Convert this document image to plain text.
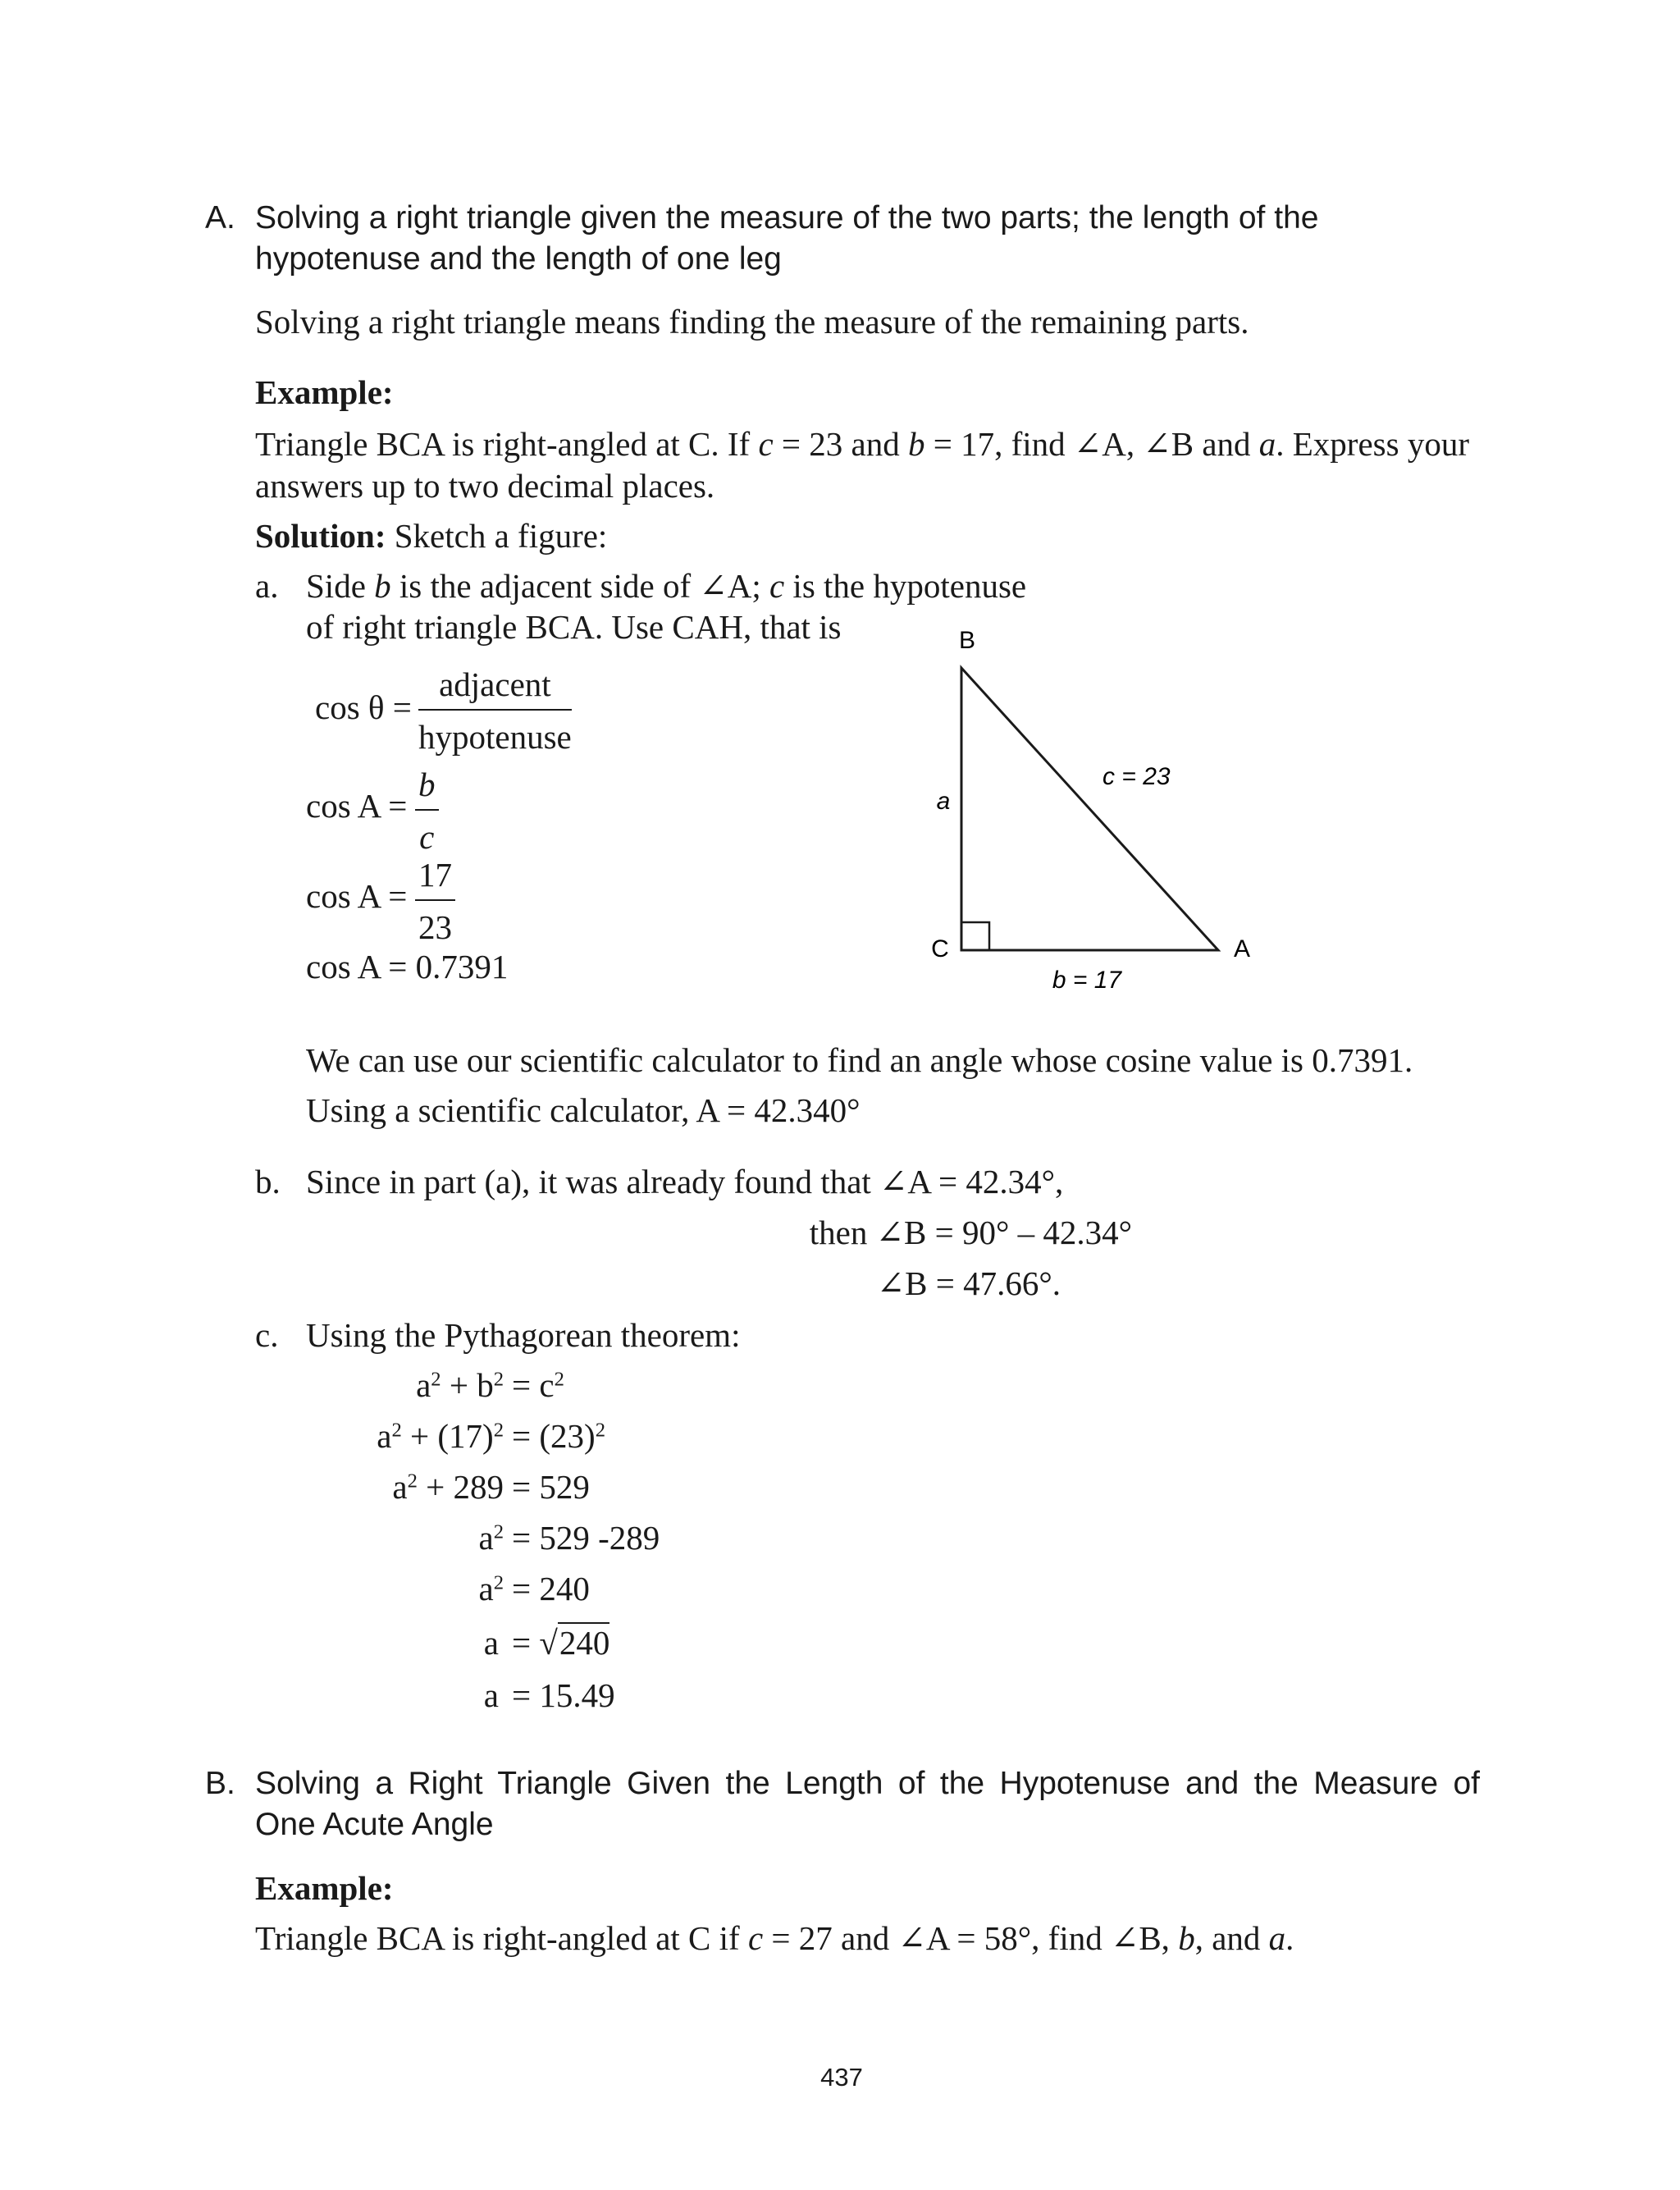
A. Solving a right triangle given the measure of the two parts; the length of the
hypotenuse and the length of one leg
Solving a right triangle means finding the measure of the remaining parts.
Example:
Triangle BCA is right-angled at C. If c = 23 and b = 17, find ∠A, ∠B and a. Express your
answers up to two decimal places.
Solution: Sketch a figure:
a. Side b is the adjacent side of ∠A; c is the hypotenuse
of right triangle BCA. Use CAH, that is
$\cos \theta = \frac{\text{adjacent}}{\text{hypotenuse}}$
$\cos A = \frac{b}{c}$
$\cos A = \frac{17}{23}$
cos A = 0.7391
B
C	A
a
c = 23
b = 17
We can use our scientific calculator to find an angle whose cosine value is 0.7391.
Using a scientific calculator, A = 42.340°
b. Since in part (a), it was already found that ∠A = 42.34°,
then ∠B = 90° – 42.34°
∠B = 47.66°.
c. Using the Pythagorean theorem:
$a^2 + b^2 = c^2$
$a^2 + (17)^2 = (23)^2$
$a^2 + 289 = 529$
$a^2 = 529$ -289
$a^2 = 240$
a = √240
a = 15.49
B. Solving a Right Triangle Given the Length of the Hypotenuse and the Measure of
One Acute Angle
Example:
Triangle BCA is right-angled at C if c = 27 and ∠A = 58°, find ∠B, b, and a.
437
